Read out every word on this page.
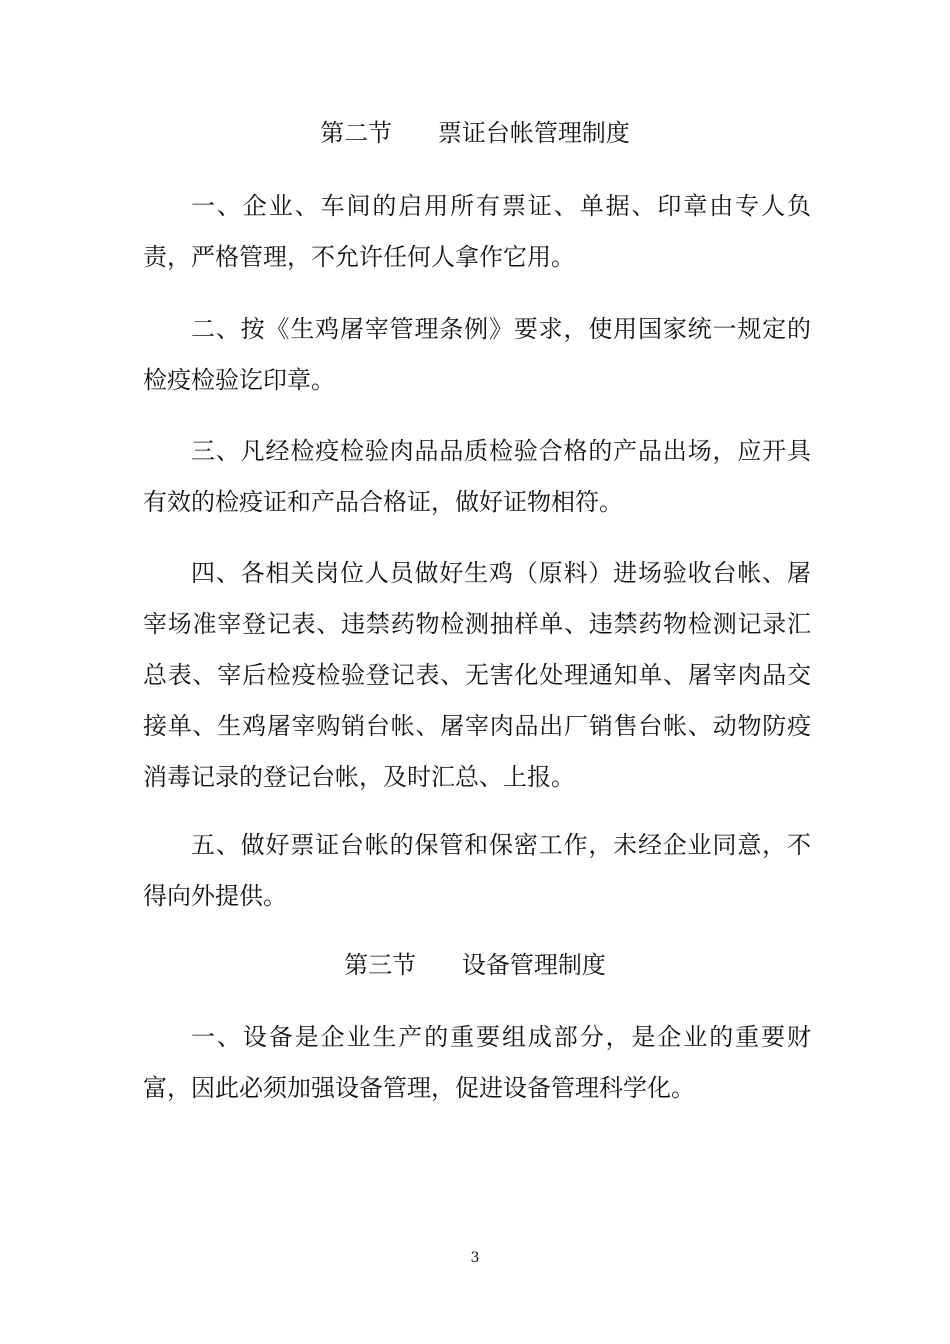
第二节      票证台帐管理制度

一、企业、车间的启用所有票证、单据、印章由专人负责，严格管理，不允许任何人拿作它用。

二、按《生鸡屠宰管理条例》要求，使用国家统一规定的检疫检验讫印章。

三、凡经检疫检验肉品品质检验合格的产品出场，应开具有效的检疫证和产品合格证，做好证物相符。

四、各相关岗位人员做好生鸡（原料）进场验收台帐、屠宰场准宰登记表、违禁药物检测抽样单、违禁药物检测记录汇总表、宰后检疫检验登记表、无害化处理通知单、屠宰肉品交接单、生鸡屠宰购销台帐、屠宰肉品出厂销售台帐、动物防疫消毒记录的登记台帐，及时汇总、上报。

五、做好票证台帐的保管和保密工作，未经企业同意，不得向外提供。

第三节      设备管理制度

一、设备是企业生产的重要组成部分，是企业的重要财富，因此必须加强设备管理，促进设备管理科学化。

3
